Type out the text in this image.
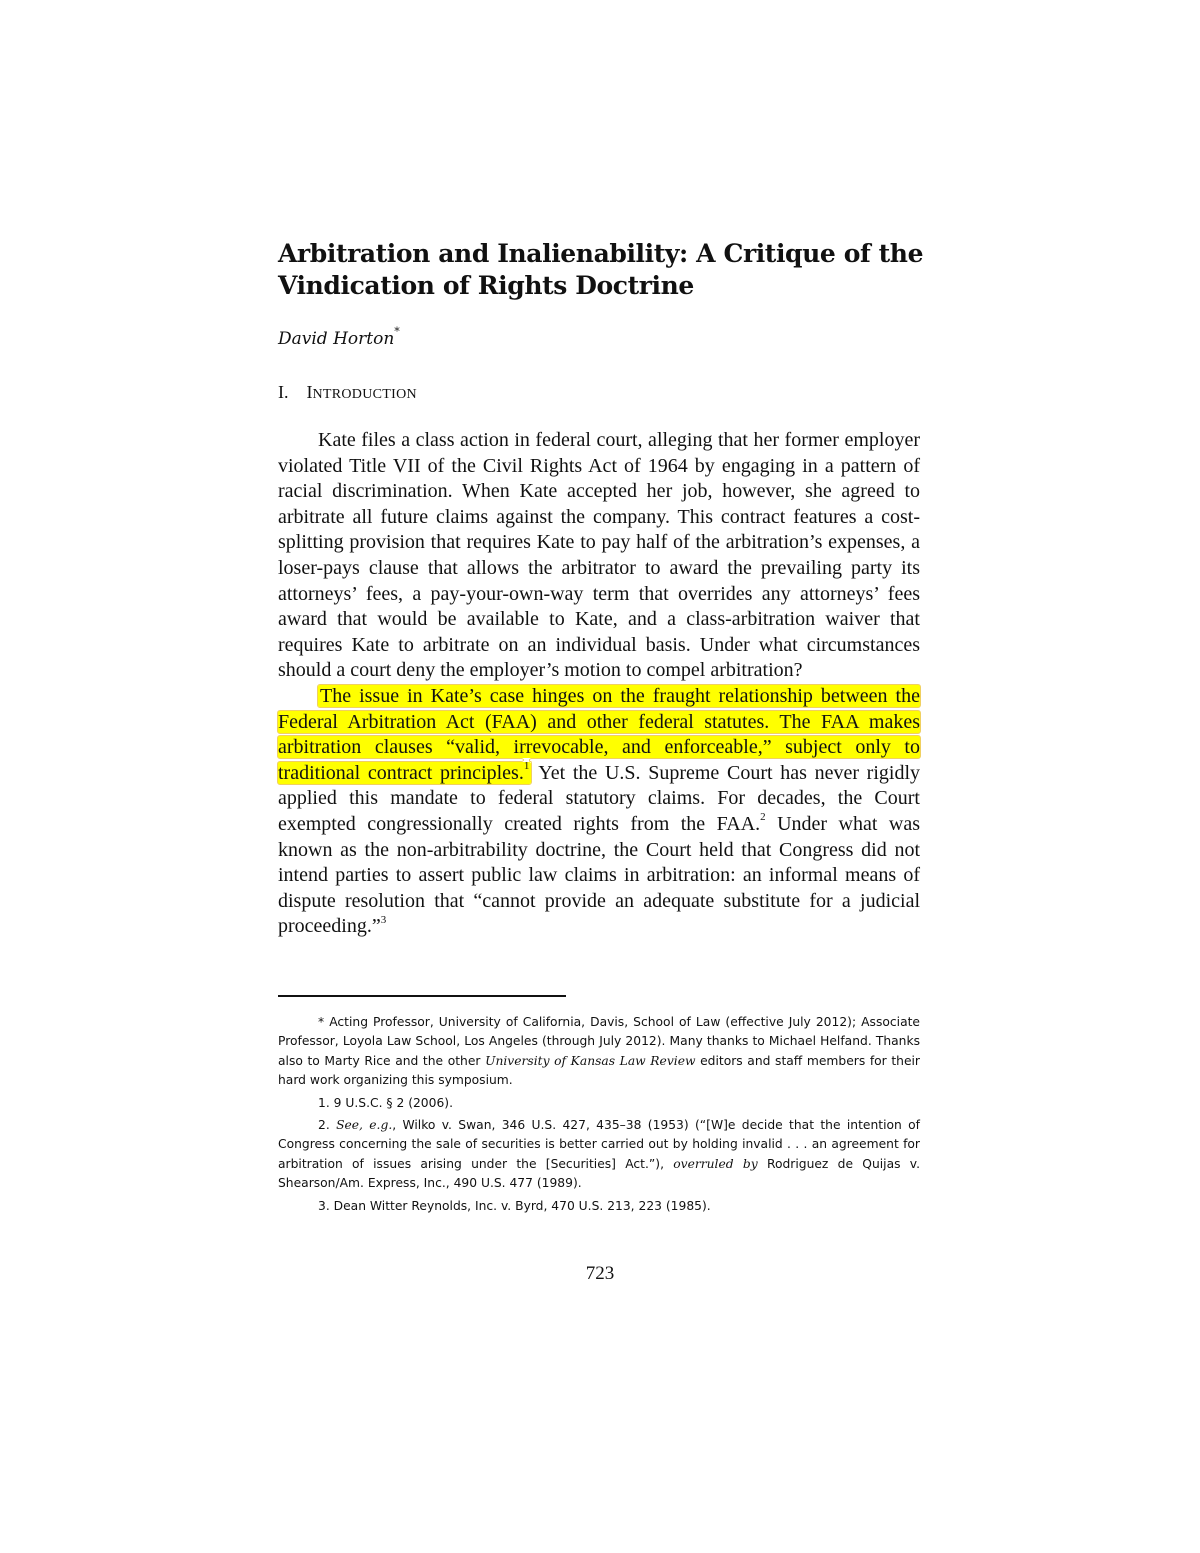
Arbitration and Inalienability: A Critique of the Vindication of Rights Doctrine
David Horton*
I. INTRODUCTION

Kate files a class action in federal court, alleging that her former employer violated Title VII of the Civil Rights Act of 1964 by engaging in a pattern of racial discrimination. When Kate accepted her job, however, she agreed to arbitrate all future claims against the company. This contract features a cost-splitting provision that requires Kate to pay half of the arbitration’s expenses, a loser-pays clause that allows the arbitrator to award the prevailing party its attorneys’ fees, a pay-your-own-way term that overrides any attorneys’ fees award that would be available to Kate, and a class-arbitration waiver that requires Kate to arbitrate on an individual basis. Under what circumstances should a court deny the employer’s motion to compel arbitration?

The issue in Kate’s case hinges on the fraught relationship between the Federal Arbitration Act (FAA) and other federal statutes. The FAA makes arbitration clauses “valid, irrevocable, and enforceable,” subject only to traditional contract principles.$^1$ Yet the U.S. Supreme Court has never rigidly applied this mandate to federal statutory claims. For decades, the Court exempted congressionally created rights from the FAA.$^2$ Under what was known as the non-arbitrability doctrine, the Court held that Congress did not intend parties to assert public law claims in arbitration: an informal means of dispute resolution that “cannot provide an adequate substitute for a judicial proceeding.”$^3$

* Acting Professor, University of California, Davis, School of Law (effective July 2012); Associate Professor, Loyola Law School, Los Angeles (through July 2012). Many thanks to Michael Helfand. Thanks also to Marty Rice and the other University of Kansas Law Review editors and staff members for their hard work organizing this symposium.

1. 9 U.S.C. § 2 (2006).

2. See, e.g., Wilko v. Swan, 346 U.S. 427, 435–38 (1953) (“[W]e decide that the intention of Congress concerning the sale of securities is better carried out by holding invalid . . . an agreement for arbitration of issues arising under the [Securities] Act.”), overruled by Rodriguez de Quijas v. Shearson/Am. Express, Inc., 490 U.S. 477 (1989).

3. Dean Witter Reynolds, Inc. v. Byrd, 470 U.S. 213, 223 (1985).

723
